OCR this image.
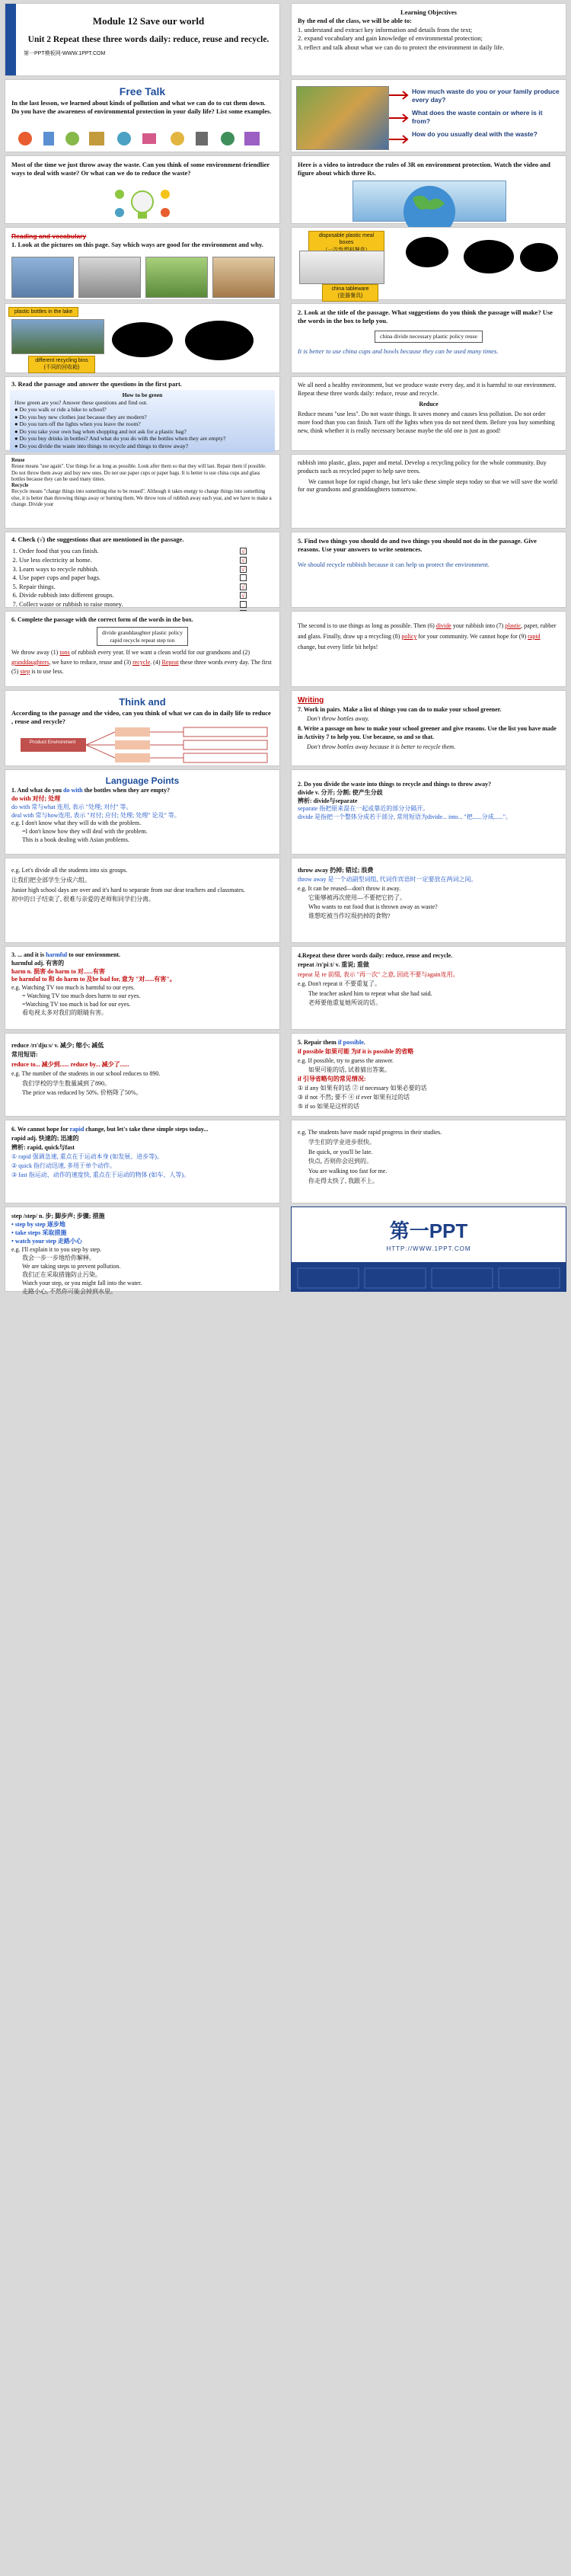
Module 12 Save our world
Unit 2 Repeat these three words daily: reduce, reuse and recycle.
第一PPT模板网-WWW.1PPT.COM
Learning Objectives
By the end of the class, we will be able to:
1. understand and extract key information and details from the text;
2. expand vocabulary and gain knowledge of environmental protection;
3. reflect and talk about what we can do to protect the environment in daily life.
Free Talk
In the last lesson, we learned about kinds of pollution and what we can do to cut them down. Do you have the awareness of environmental protection in your daily life? List some examples.
How much waste do you or your family produce every day?
What does the waste contain or where is it from?
How do you usually deal with the waste?
Most of the time we just throw away the waste. Can you think of some environment-friendlier ways to deal with waste? Or what can we do to reduce the waste?
Here is a video to introduce the rules of 3R on environment protection. Watch the video and figure about which three Rs.
Reading and vocabulary
1. Look at the pictures on this page. Say which ways are good for the environment and why.
disposable plastic meal boxes
china tableware
(瓷器餐具)
plastic bottles in the lake
different recycling bins
(不同的回收箱)
2. Look at the title of the passage. What suggestions do you think the passage will make? Use the words in the box to help you.
china divide necessary plastic policy reuse
It is better to use china cups and bowls because they can be used many times.
3. Read the passage and answer the questions in the first part.
How to be green
How green are you? Answer these questions and find out.
● Do you walk or ride a bike to school?
● Do you buy new clothes just because they are modern?
● Do you turn off the lights when you leave the room?
● Do you take your own bag when shopping and not ask for a plastic bag?
● Do you buy drinks in bottles? And what do you do with the bottles when they are empty?
● Do you divide the waste into things to recycle and things to throw away?

We all need a healthy environment, but we produce waste every day, and it is harmful to our environment. Repeat these three words daily: reduce, reuse and recycle.

Reduce

Reduce means "use less". Do not waste things. It saves money and causes less pollution. Do not order more food than you can finish. Turn off the lights when you do not need them. Before you buy something new, think whether it is really necessary because maybe the old one is just as good!

Reuse
Reuse means "use again". Use things for as long as possible. Look after them so that they will last. Repair them if possible. Do not throw them away and buy new ones. Do not use paper cups or paper bags. It is better to use china cups and glass bottles because they can be used many times.
Recycle
Recycle means "change things into something else to be reused". Although it takes energy to change things into something else, it is better than throwing things away or burning them. We throw tons of rubbish away each year, and we have to make a change. Divide your

rubbish into plastic, glass, paper and metal. Develop a recycling policy for the whole community. Buy products such as recycled paper to help save trees.

We cannot hope for rapid change, but let's take these simple steps today so that we will save the world for our grandsons and granddaughters tomorrow.

4. Check (√) the suggestions that are mentioned in the passage.
1. Order food that you can finish.	√
2. Use less electricity at home.	√
3. Learn ways to recycle rubbish.	√
4. Use paper cups and paper bags.
5. Repair things.	√
6. Divide rubbish into different groups.	√
7. Collect waste or rubbish to raise money.
8.
5. Find two things you should do and two things you should not do in the passage. Give reasons. Use your answers to write sentences.
We should recycle rubbish because it can help us protect the environment.
6. Complete the passage with the correct form of the words in the box.
divide granddaughter plastic policy
rapid recycle repeat step ton
We throw away (1) tons of rubbish every year. If we want a clean world for our grandsons and (2) granddaughters, we have to reduce, reuse and (3) recycle. (4) Repeat these three words every day. The first (5) step is to use less.
The second is to use things as long as possible. Then (6) divide your rubbish into (7) plastic, paper, rubber and glass. Finally, draw up a recycling (8) policy for your community. We cannot hope for (9) rapid change, but every little bit helps!
Think and
According to the passage and the video, can you think of what we can do in daily life to reduce , reuse and recycle?
Product Environment
Writing
7. Work in pairs. Make a list of things you can do to make your school greener.
Don't throw bottles away.
8. Write a passage on how to make your school greener and give reasons. Use the list you have made in Activity 7 to help you. Use because, so and so that.
Don't throw bottles away because it is better to recycle them.
Language Points
1. And what do you do with the bottles when they are empty?
do with 对付; 处理
do with 常与what 连用, 表示 "处理; 对付" 等。
deal with 常与how连用, 表示 "对付; 应付; 处理; 处理" 论及" 等。
e.g. I don't know what they will do with the problem.
=I don't know how they will deal with the problem.
This is a book dealing with Asian problems.
2. Do you divide the waste into things to recycle and things to throw away?
divide v. 分开; 分割; 使产生分歧
辨析: divide与separate
separate 指把原来混在一起或靠近的部分分隔开。
divide 是指把一个整体分成若干部分, 常用短语为divide... into... "把......分成......"。
e.g. Let's divide all the students into six groups.
让我们把全部学生分成六组。
Junior high school days are over and it's hard to separate from our dear teachers and classmates.
初中的日子结束了, 很难与亲爱的老师和同学们分离。
throw away 扔掉; 错过; 浪费
throw away 是一个动副型词组, 代词作宾语时一定要放在两词之间。
e.g. It can be reused—don't throw it away.
它能够被再次使用—不要把它扔了。
Who wants to eat food that is thrown away as waste?
谁想吃被当作垃圾扔掉的食物?
3. ... and it is harmful to our environment.
harmful adj. 有害的
harm n. 损害 do harm to 对......有害
be harmful to 和 do harm to 及be bad for, 意为 "对......有害"。
e.g. Watching TV too much is harmful to our eyes.
= Watching TV too much does harm to our eyes.
=Watching TV too much is bad for our eyes.
看电视太多对我们的眼睛有害。
4.Repeat these three words daily: reduce, reuse and recycle.
repeat /rɪ'piːt/ v. 重说; 重做
repeat 是 re 前缀, 表示 "再一次" 之意, 因此不要与again连用。
e.g. Don't repeat it 不要重复了。
The teacher asked him to repeat what she had said.
老师要他重复她所说的话。
reduce /rɪ'djuːs/ v. 减少; 缩小; 减低
常用短语:
reduce to... 减少到...... reduce by... 减少了......
e.g. The number of the students in our school reduces to 890.
我们学校的学生数量减到了890。
The price was reduced by 50%. 价格降了50%。
5. Repair them if possible.
if possible 如果可能 为if it is possible 的省略
e.g. If possible, try to guess the answer.
如果可能的话, 试着猜出答案。
if 引导省略句的常见情况:
① if any 如果有的话 ② if necessary 如果必要的话
③ if not 不然; 要不 ④ if ever 如果有过的话
⑤ if so 如果是这样的话
6. We cannot hope for rapid change, but let's take these simple steps today...
rapid adj. 快速的; 迅速的
辨析: rapid, quick与fast
① rapid 强调急速, 重点在于运动本身 (如发展、进步等)。
② quick 指行动迅速, 多用于单个动作。
③ fast 指运动、动作的速度快, 重点在于运动的物体 (如车、人等)。
e.g. The students have made rapid progress in their studies.
学生们的学业进步很快。
Be quick, or you'll be late.
快点, 否则你会迟到的。
You are walking too fast for me.
你走得太快了, 我跟不上。
step /step/ n. 步; 脚步声; 步骤; 措施
• step by step 逐步地
• take steps 采取措施
• watch your step 走路小心
e.g. I'll explain it to you step by step.
我会一步一步地给你解释。
We are taking steps to prevent pollution.
我们正在采取措施防止污染。
Watch your step, or you might fall into the water.
走路小心, 不然你可能会掉到水里。
第一PPT
HTTP://WWW.1PPT.COM
